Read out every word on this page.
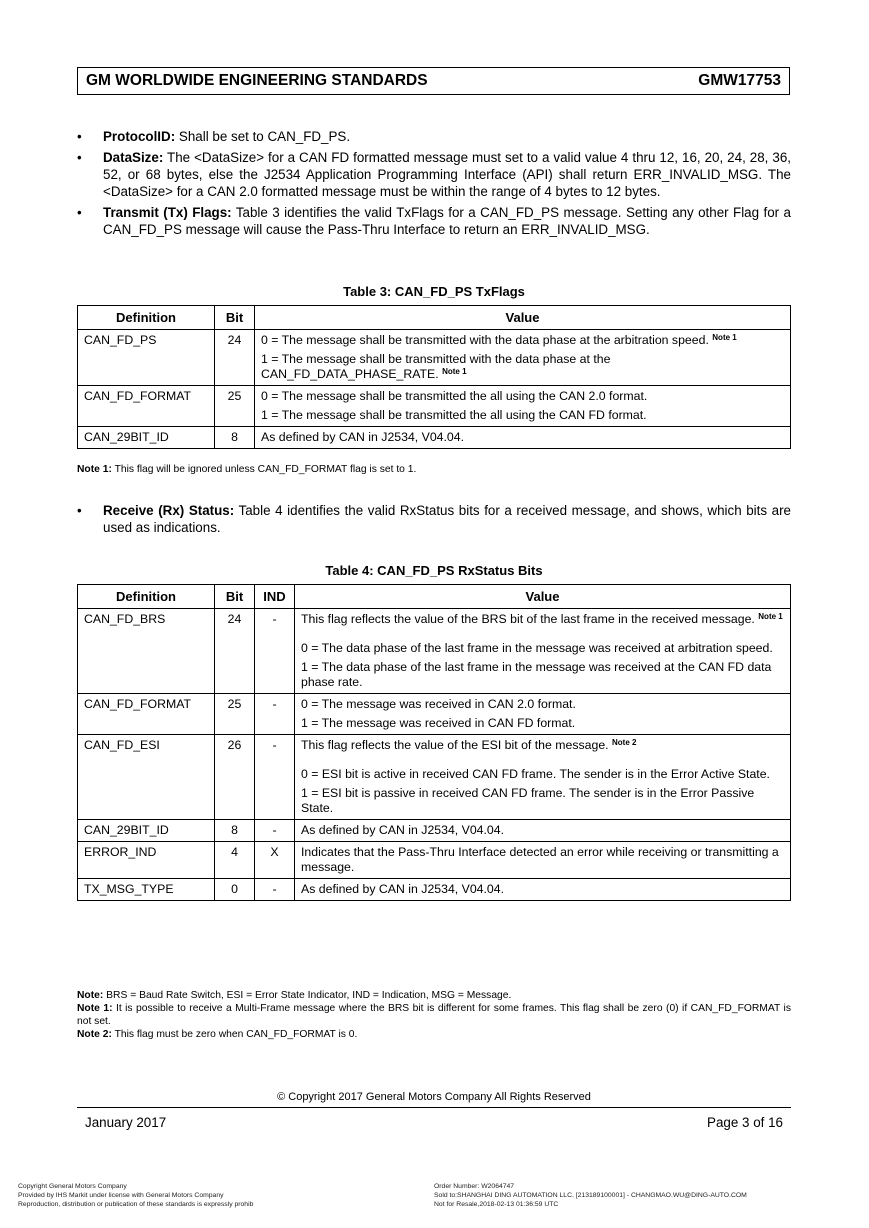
GM WORLDWIDE ENGINEERING STANDARDS	GMW17753
• ProtocolID: Shall be set to CAN_FD_PS.
• DataSize: The <DataSize> for a CAN FD formatted message must set to a valid value 4 thru 12, 16, 20, 24, 28, 36, 52, or 68 bytes, else the J2534 Application Programming Interface (API) shall return ERR_INVALID_MSG. The <DataSize> for a CAN 2.0 formatted message must be within the range of 4 bytes to 12 bytes.
• Transmit (Tx) Flags: Table 3 identifies the valid TxFlags for a CAN_FD_PS message. Setting any other Flag for a CAN_FD_PS message will cause the Pass-Thru Interface to return an ERR_INVALID_MSG.
Table 3: CAN_FD_PS TxFlags
Definition	Bit	Value
CAN_FD_PS	24	0 = The message shall be transmitted with the data phase at the arbitration speed. $^{Note 1}$

1 = The message shall be transmitted with the data phase at the CAN_FD_DATA_PHASE_RATE. $^{Note 1}$

CAN_FD_FORMAT	25	0 = The message shall be transmitted the all using the CAN 2.0 format.

1 = The message shall be transmitted the all using the CAN FD format.

CAN_29BIT_ID	8	As defined by CAN in J2534, V04.04.
Note 1: This flag will be ignored unless CAN_FD_FORMAT flag is set to 1.
• Receive (Rx) Status: Table 4 identifies the valid RxStatus bits for a received message, and shows, which bits are used as indications.
Table 4: CAN_FD_PS RxStatus Bits
Definition	Bit	IND	Value
CAN_FD_BRS	24	-	This flag reflects the value of the BRS bit of the last frame in the received message. $^{Note 1}$

0 = The data phase of the last frame in the message was received at arbitration speed.

1 = The data phase of the last frame in the message was received at the CAN FD data phase rate.

CAN_FD_FORMAT	25	-	0 = The message was received in CAN 2.0 format.

1 = The message was received in CAN FD format.

CAN_FD_ESI	26	-	This flag reflects the value of the ESI bit of the message. $^{Note 2}$

0 = ESI bit is active in received CAN FD frame. The sender is in the Error Active State.

1 = ESI bit is passive in received CAN FD frame. The sender is in the Error Passive State.

CAN_29BIT_ID	8	-	As defined by CAN in J2534, V04.04.
ERROR_IND	4	X	Indicates that the Pass-Thru Interface detected an error while receiving or transmitting a message.
TX_MSG_TYPE	0	-	As defined by CAN in J2534, V04.04.
Note: BRS = Baud Rate Switch, ESI = Error State Indicator, IND = Indication, MSG = Message.
Note 1: It is possible to receive a Multi-Frame message where the BRS bit is different for some frames. This flag shall be zero (0) if CAN_FD_FORMAT is not set.
Note 2: This flag must be zero when CAN_FD_FORMAT is 0.
© Copyright 2017 General Motors Company All Rights Reserved
January 2017	Page 3 of 16
Copyright General Motors Company
Provided by IHS Markit under license with General Motors Company
Reproduction, distribution or publication of these standards is expressly prohib
Order Number: W2064747
Sold to:SHANGHAI DING AUTOMATION LLC. [213189100001] - CHANGMAO.WU@DING-AUTO.COM
Not for Resale,2018-02-13 01:36:59 UTC
